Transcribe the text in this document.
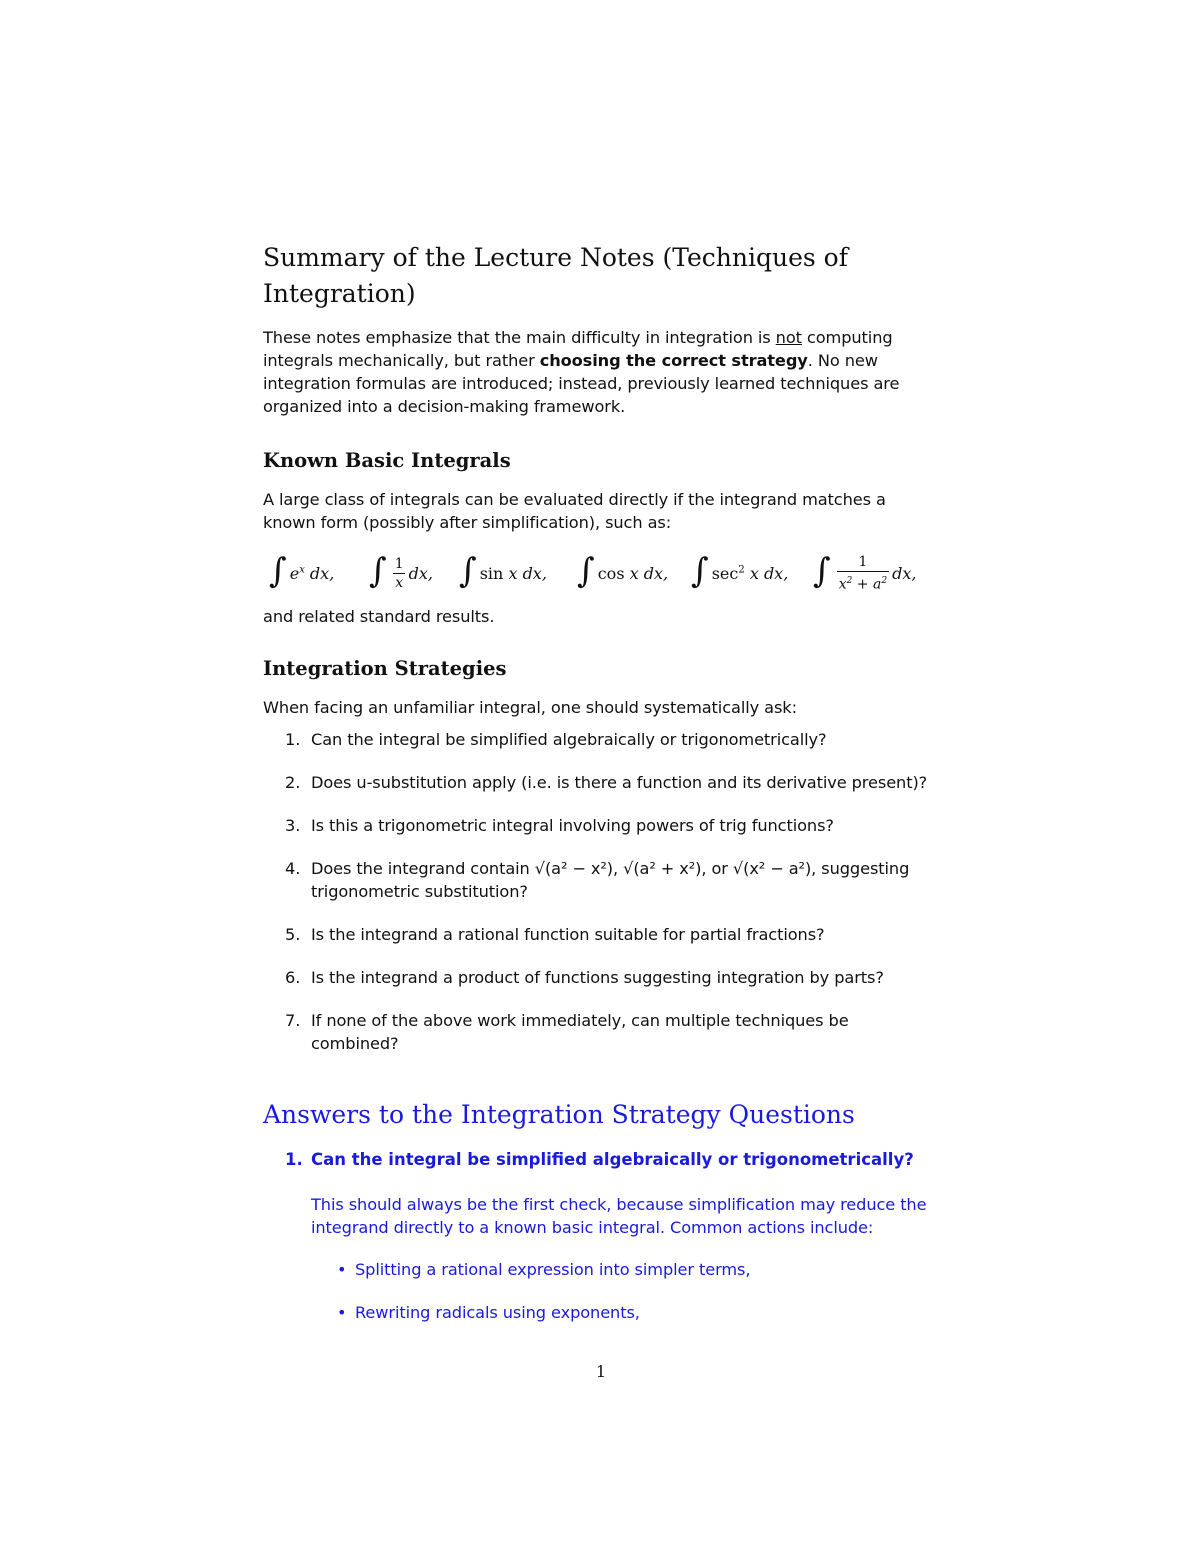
Summary of the Lecture Notes (Techniques of Integration)

These notes emphasize that the main difficulty in integration is not computing integrals mechanically, but rather choosing the correct strategy. No new integration formulas are introduced; instead, previously learned techniques are organized into a decision-making framework.

Known Basic Integrals

A large class of integrals can be evaluated directly if the integrand matches a known form (possibly after simplification), such as:

∫ $e^x$
dx, ∫ $\frac{1}{x}$ dx, ∫ sin
x dx, ∫ cos
x dx, ∫ $\sec^2$
x dx, ∫ $\frac{1}{x^2 + a^2}$ dx,

and related standard results.

Integration Strategies

When facing an unfamiliar integral, one should systematically ask:

1. Can the integral be simplified algebraically or trigonometrically?
2. Does u-substitution apply (i.e. is there a function and its derivative present)?
3. Is this a trigonometric integral involving powers of trig functions?
4. Does the integrand contain √(a² − x²), √(a² + x²), or √(x² − a²), suggesting trigonometric substitution?
5. Is the integrand a rational function suitable for partial fractions?
6. Is the integrand a product of functions suggesting integration by parts?
7. If none of the above work immediately, can multiple techniques be combined?
Answers to the Integration Strategy Questions
1. Can the integral be simplified algebraically or trigonometrically?

This should always be the first check, because simplification may reduce the integrand directly to a known basic integral. Common actions include:

• Splitting a rational expression into simpler terms,
• Rewriting radicals using exponents,
1
